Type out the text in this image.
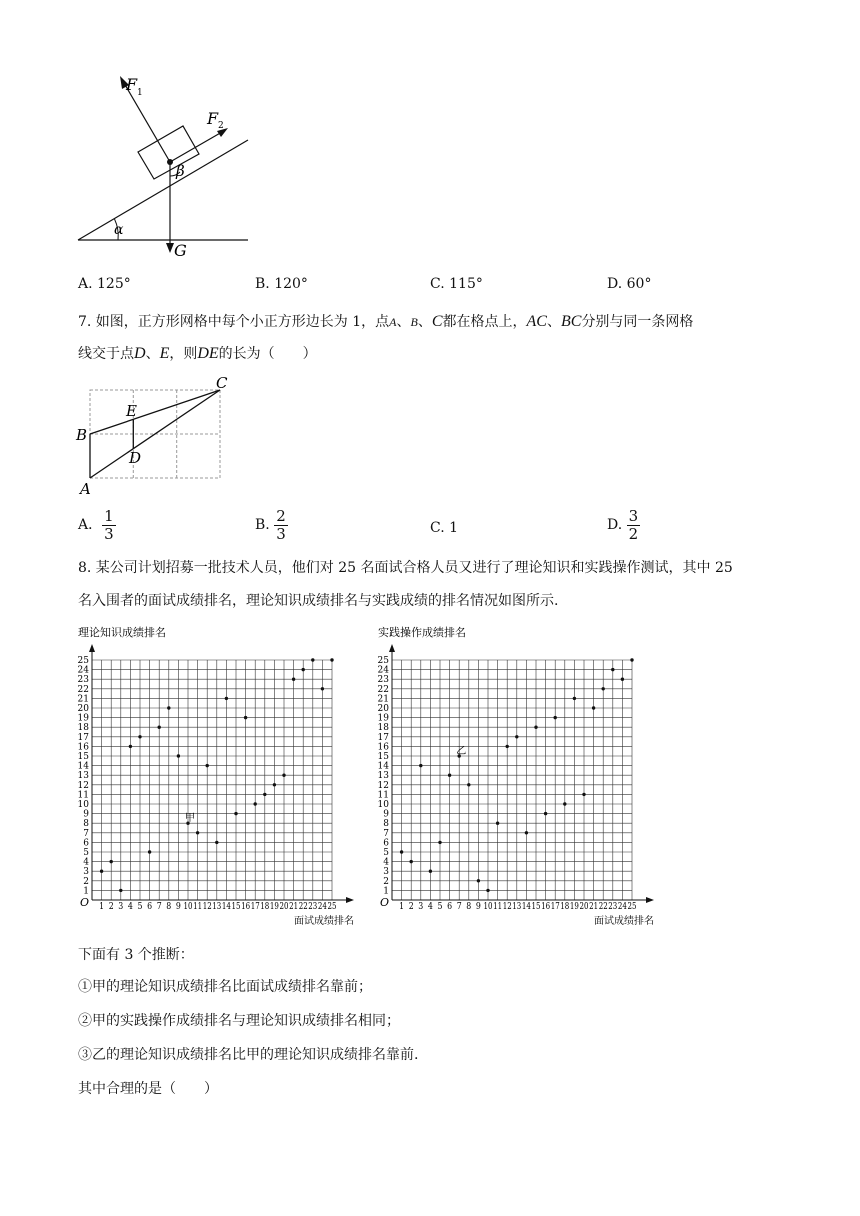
F 1
F 2
β
α
G
A. 125°	B. 120°	C. 115°	D. 60°
7. 如图，正方形网格中每个小正方形边长为 1，点A、B、C都在格点上，AC、BC分别与同一条网格
线交于点D、E，则DE的长为（　　）
B
A
C
E
D
A． $\frac{1}{3}$	B. $\frac{2}{3}$	C. 1	D. $\frac{3}{2}$
8. 某公司计划招募一批技术人员，他们对 25 名面试合格人员又进行了理论知识和实践操作测试，其中 25
名入围者的面试成绩排名，理论知识成绩排名与实践成绩的排名情况如图所示.
理论知识成绩排名
O 1
1
2
2
3
3
4
4
5
5
6
6
7
7
8
8
9
9
10
10
11
11
12
12
13
13
14
14
15
15
16
16
17
17
18
18
19
19
20
20
21
21
22
22
23
23
24
24
25
25
面试成绩排名
甲
实践操作成绩排名
O 1
1
2
2
3
3
4
4
5
5
6
6
7
7
8
8
9
9
10
10
11
11
12
12
13
13
14
14
15
15
16
16
17
17
18
18
19
19
20
20
21
21
22
22
23
23
24
24
25
25
面试成绩排名
乙
下面有 3 个推断：
①甲的理论知识成绩排名比面试成绩排名靠前；
②甲的实践操作成绩排名与理论知识成绩排名相同；
③乙的理论知识成绩排名比甲的理论知识成绩排名靠前.
其中合理的是（　　）
